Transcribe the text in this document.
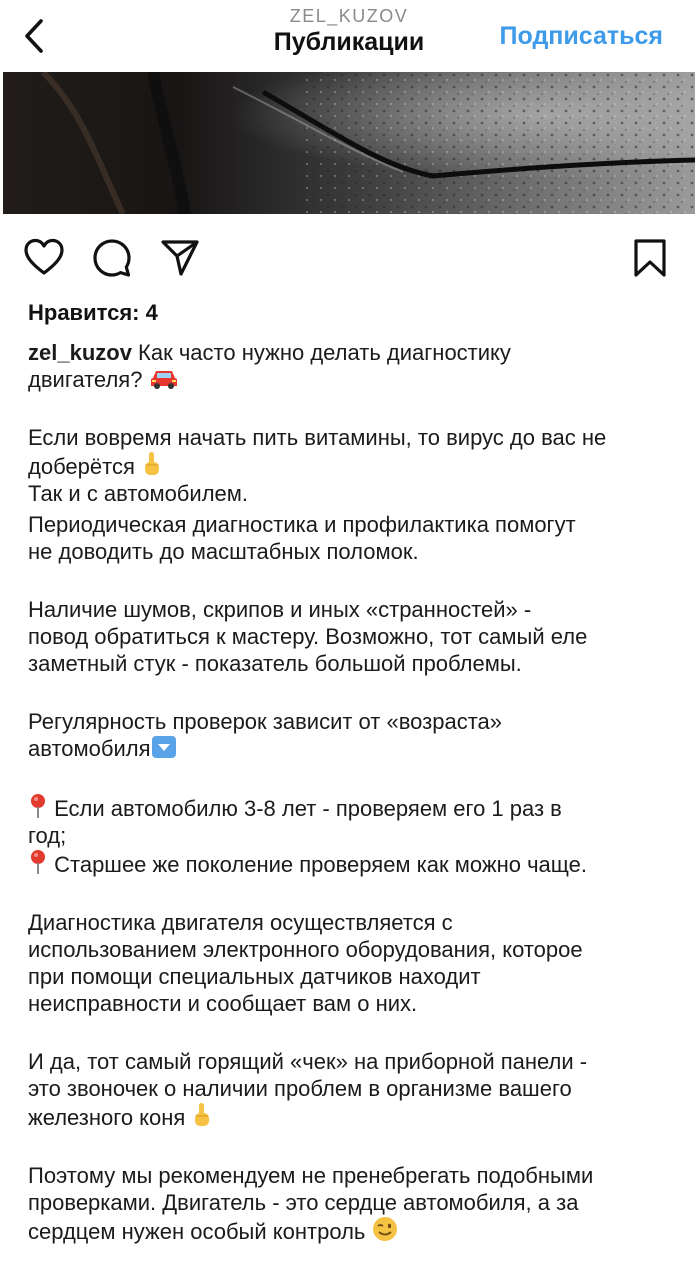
ZEL_KUZOV
Публикации	Подписаться
Нравится: 4

zel_kuzov Как часто нужно делать диагностику

двигателя?

Если вовремя начать пить витамины, то вирус до вас не

доберётся

Так и с автомобилем.

Периодическая диагностика и профилактика помогут

не доводить до масштабных поломок.

Наличие шумов, скрипов и иных «странностей» -

повод обратиться к мастеру. Возможно, тот самый еле

заметный стук - показатель большой проблемы.

Регулярность проверок зависит от «возраста»

автомобиля

Если автомобилю 3-8 лет - проверяем его 1 раз в

год;

Старшее же поколение проверяем как можно чаще.

Диагностика двигателя осуществляется с

использованием электронного оборудования, которое

при помощи специальных датчиков находит

неисправности и сообщает вам о них.

И да, тот самый горящий «чек» на приборной панели -

это звоночек о наличии проблем в организме вашего

железного коня

Поэтому мы рекомендуем не пренебрегать подобными

проверками. Двигатель - это сердце автомобиля, а за

сердцем нужен особый контроль
